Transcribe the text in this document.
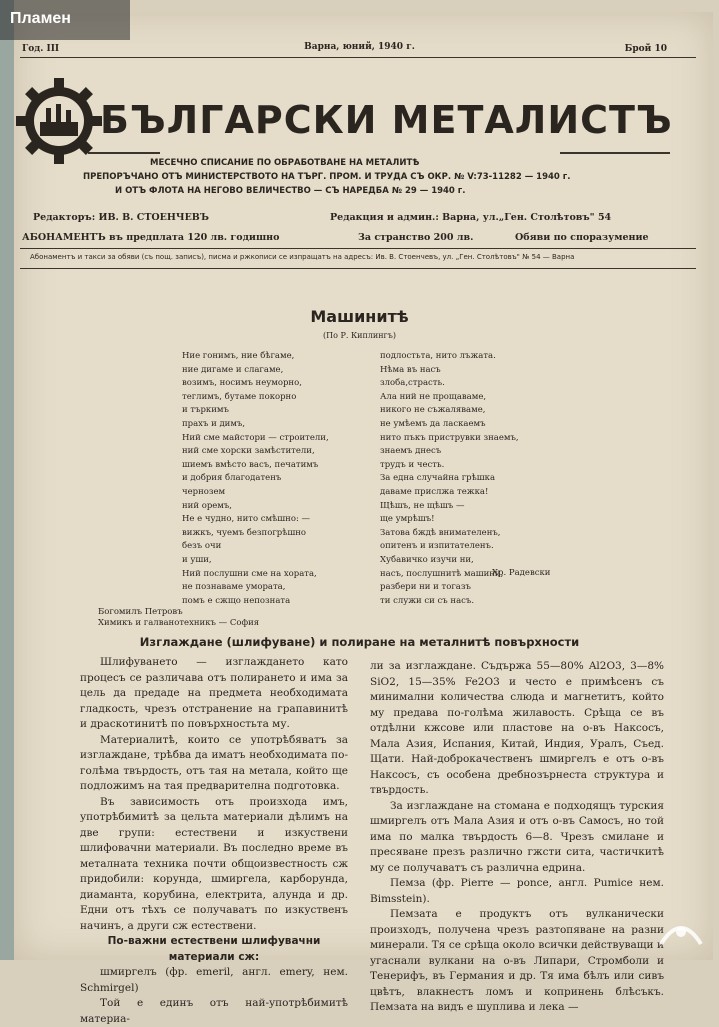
Пламен
Год. III	Варна, юний, 1940 г.	Брой 10
БЪЛГАРСКИ МЕТАЛИСТЪ
МЕСЕЧНО СПИСАНИЕ ПО ОБРАБОТВАНЕ НА МЕТАЛИТѢ
ПРЕПОРЪЧАНО ОТЪ МИНИСТЕРСТВОТО НА ТЪРГ. ПРОМ. И ТРУДА СЪ ОКР. № V:73-11282 — 1940 г.
И ОТЪ ФЛОТА НА НЕГОВО ВЕЛИЧЕСТВО — СЪ НАРЕДБА № 29 — 1940 г.
Редакторъ: ИВ. В. СТОЕНЧЕВЪ	Редакция и админ.: Варна, ул.„Ген. Столѣтовъ" 54
АБОНАМЕНТЪ въ предплата 120 лв. годишно	За странство 200 лв.	Обяви по споразумение
Абонаментъ и такси за обяви (съ пощ. записъ), писма и ржкописи се изпращатъ на адресъ: Ив. В. Стоенчевъ, ул. „Ген. Столѣтовъ" № 54 — Варна
Машинитѣ
(По Р. Киплингъ)
Ние гонимъ, ние бѣгаме,
ние дигаме и слагаме,
возимъ, носимъ неуморно,
теглимъ, бутаме покорно
и търкимъ
прахъ и димъ,
Ний сме майстори — строители,
ний сме хорски замѣстители,
шиемъ вмѣсто васъ, печатимъ
и добрия благодатенъ
чернозем
ний оремъ,
Не е чудно, нито смѣшно: —
вижкъ, чуемъ безпогрѣшно
безъ очи
и уши,
Ний послушни сме на хората,
не познаваме умората,
помъ е сжщо непозната
подлостьта, нито лъжата.
Нѣма въ насъ
злоба,страсть.
Ала ний не прощаваме,
никого не съжаляваме,
не умѣемъ да ласкаемъ
нито пъкъ приструвки знаемъ,
знаемъ днесъ
трудъ и честь.
За една случайна грѣшка
даваме прислжа тежка!
Щѣшъ, не щѣшъ —
ще умрѣшъ!
Затова бждѣ внимателенъ,
опитенъ и изпитателенъ.
Хубавичко изучи ни,
насъ, послушнитѣ машини,
разбери ни и тогазъ
ти служи си съ насъ.
Хр. Радевски
Богомилъ Петровъ
Химикъ и галванотехникъ — София
Изглаждане (шлифуване) и полиране на металнитѣ повърхности

Шлифуването — изглаждането като процесъ се различава отъ полирането и има за цель да предаде на предмета необходимата гладкость, чрезъ отстранение на грапавинитѣ и драскотинитѣ по повърхностьта му.

Материалитѣ, които се употрѣбяватъ за изглаждане, трѣбва да иматъ необходимата по-голѣма твърдость, отъ тая на метала, който ще подложимъ на тая предварителна подготовка.

Въ зависимость отъ произхода имъ, употрѣбимитѣ за цельта материали дѣлимъ на две групи: естествени и изкуствени шлифовачни материали. Въ последно време въ металната техника почти общоизвестность сж придобили: корунда, шмиргела, карборунда, диаманта, корубина, електрита, алунда и др. Едни отъ тѣхъ се получаватъ по изкуственъ начинъ, а други сж естествени.

По-важни естествени шлифувачни материали сж:

шмиргелъ (фр. emeril, англ. emery, нем. Schmirgel)

Той е единъ отъ най-употрѣбимитѣ материа-

ли за изглаждане. Съдържа 55—80% Al2O3, 3—8% SiO2, 15—35% Fe2O3 и често е примѣсенъ съ минимални количества слюда и магнетитъ, който му предава по-голѣма жилавость. Срѣща се въ отдѣлни кжсове или пластове на о-въ Наксосъ, Мала Азия, Испания, Китай, Индия, Уралъ, Съед. Щати. Най-доброкачественъ шмиргелъ е отъ о-въ Наксосъ, съ особена дребнозърнеста структура и твърдость.

За изглаждане на стомана е подходящъ турския шмиргелъ отъ Мала Азия и отъ о-въ Самосъ, но той има по малка твърдость 6—8. Чрезъ смилане и пресяване презъ различно гжсти сита, частичкитѣ му се получаватъ съ различна едрина.

Пемза (фр. Pierre — ponce, англ. Pumice нем. Bimsstein).

Пемзата е продуктъ отъ вулканически произходъ, получена чрезъ разтопяване на разни минерали. Тя се срѣща около всички действуващи и угаснали вулкани на о-въ Липари, Стромболи и Тенерифъ, въ Германия и др. Тя има бѣлъ или сивъ цвѣтъ, влакнестъ ломъ и копринень блѣсъкъ. Пемзата на видъ е шуплива и лека —
